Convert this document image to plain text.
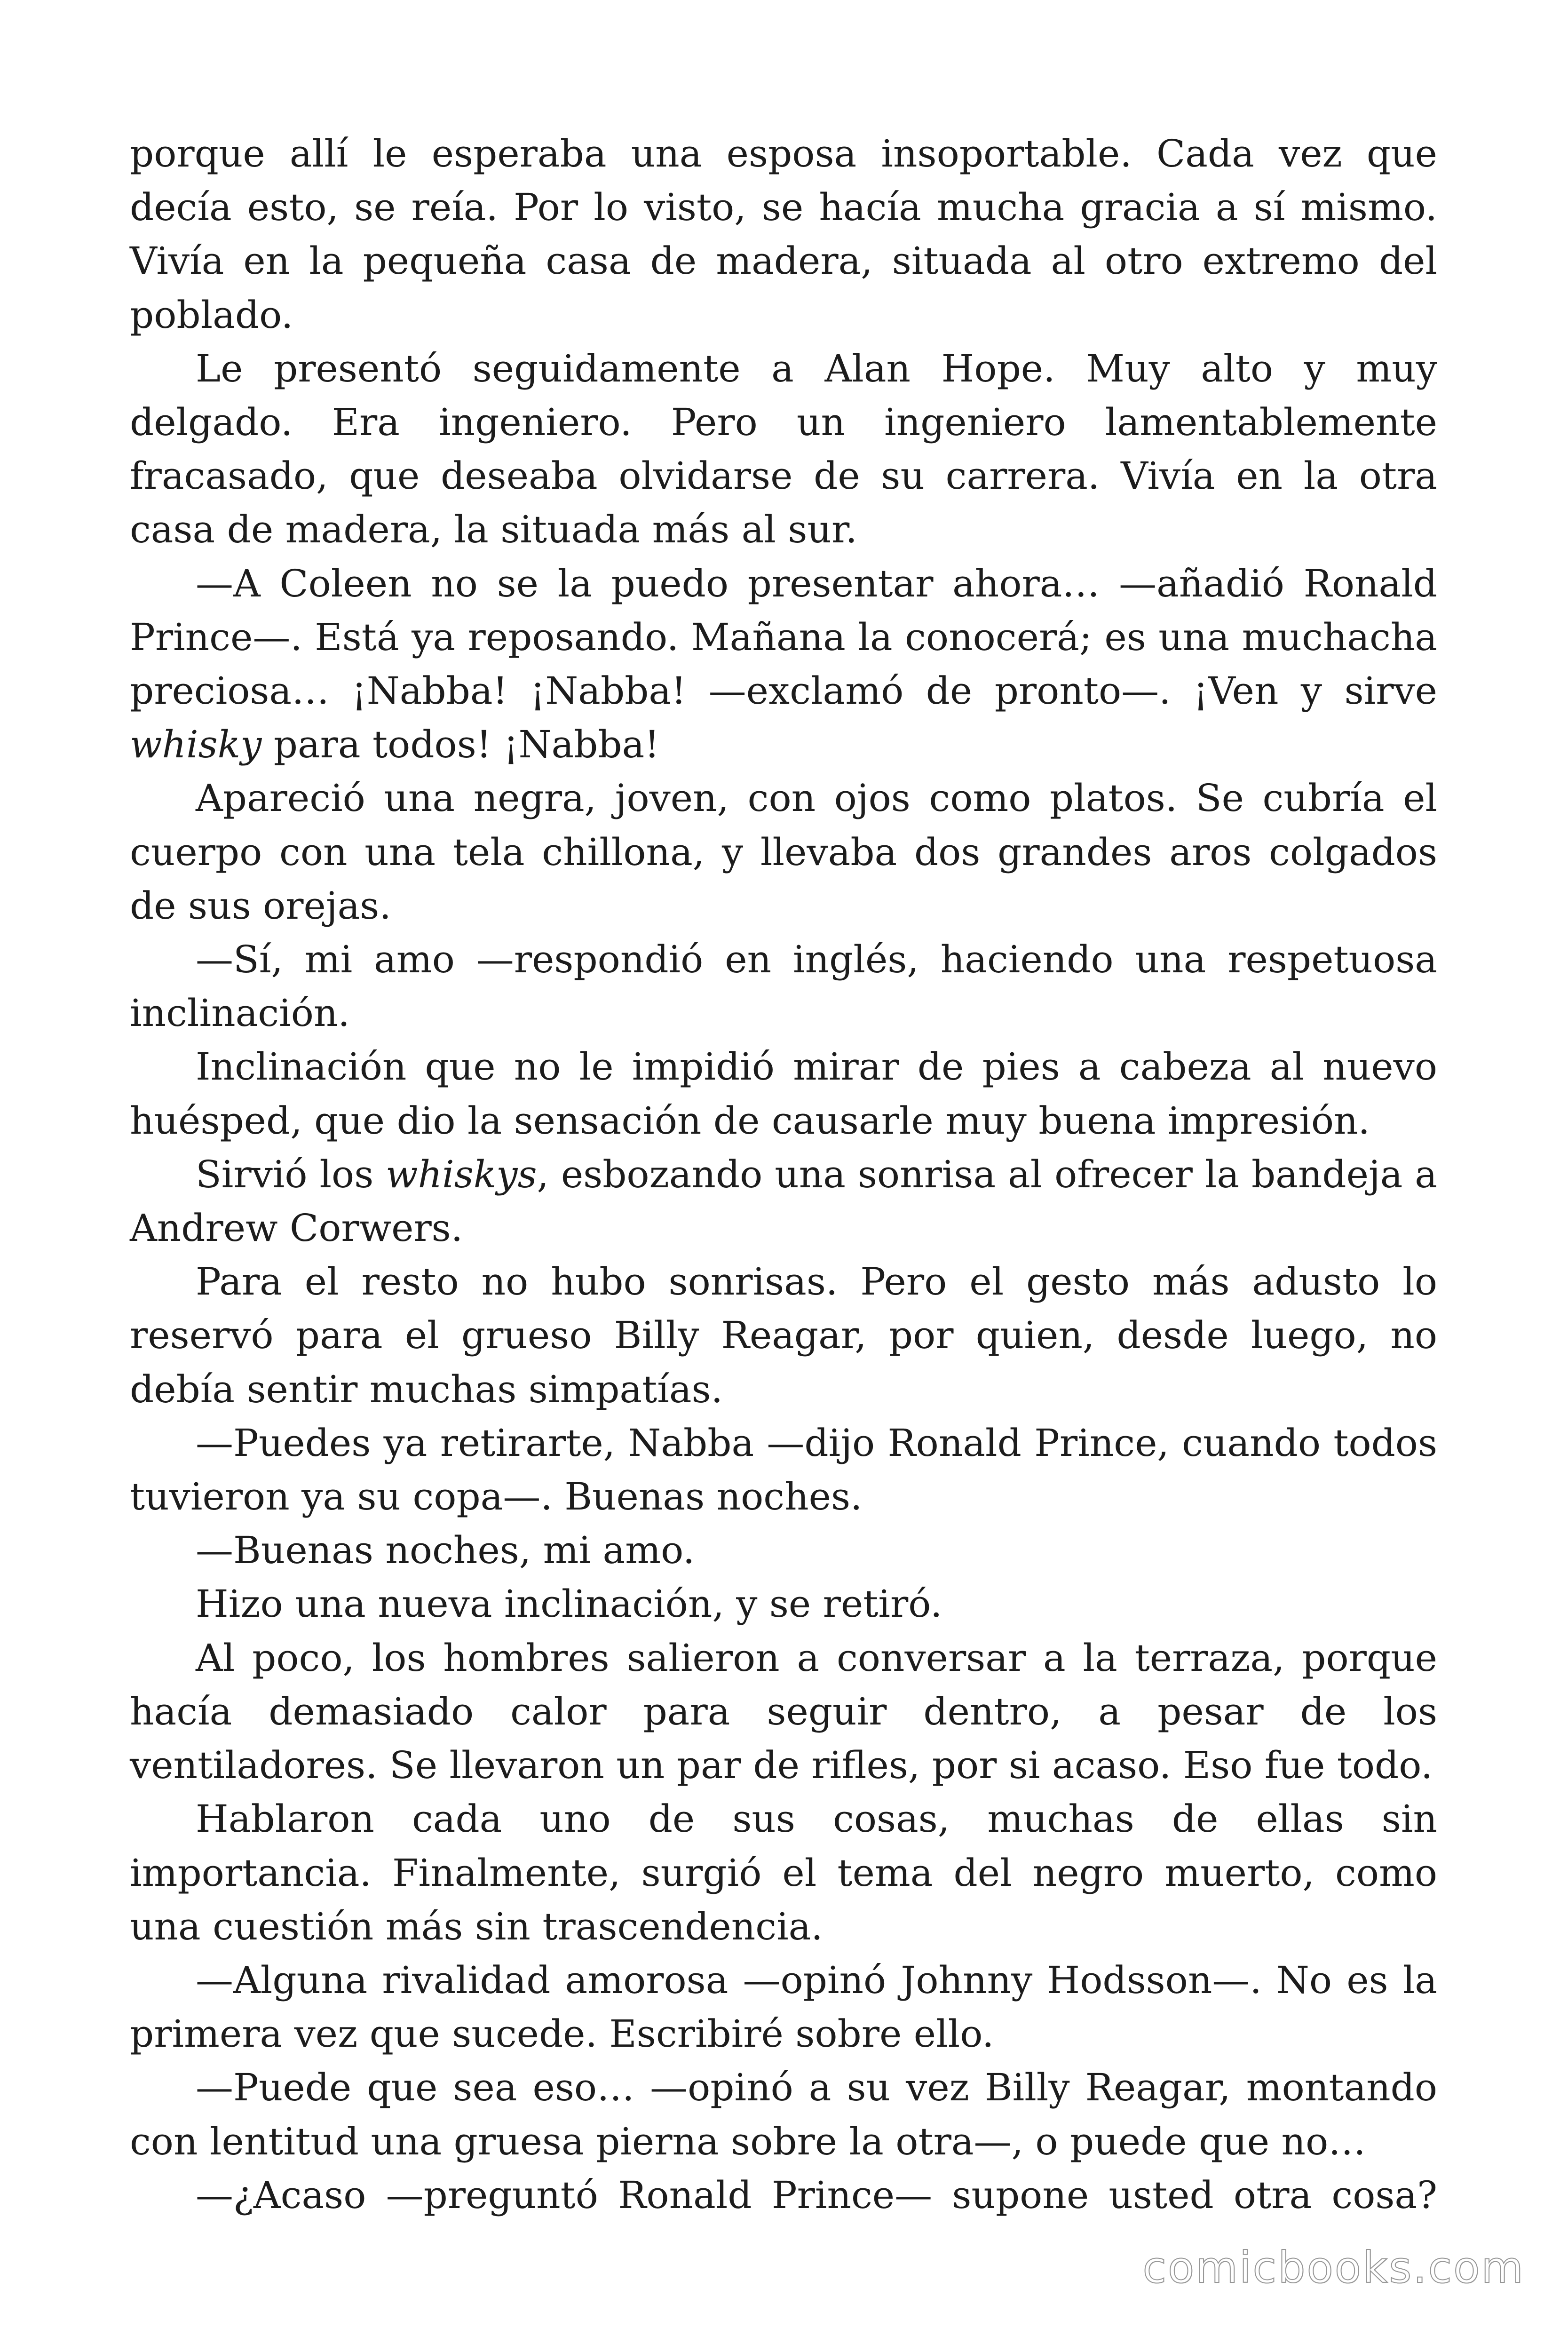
porque allí le esperaba una esposa insoportable. Cada vez que decía esto, se reía. Por lo visto, se hacía mucha gracia a sí mismo. Vivía en la pequeña casa de madera, situada al otro extremo del poblado.

Le presentó seguidamente a Alan Hope. Muy alto y muy delgado. Era ingeniero. Pero un ingeniero lamentablemente fracasado, que deseaba olvidarse de su carrera. Vivía en la otra casa de madera, la situada más al sur.

—A Coleen no se la puedo presentar ahora… —añadió Ronald Prince—. Está ya reposando. Mañana la conocerá; es una muchacha preciosa… ¡Nabba! ¡Nabba! —exclamó de pronto—. ¡Ven y sirve whisky para todos! ¡Nabba!

Apareció una negra, joven, con ojos como platos. Se cubría el cuerpo con una tela chillona, y llevaba dos grandes aros colgados de sus orejas.

—Sí, mi amo —respondió en inglés, haciendo una respetuosa inclinación.

Inclinación que no le impidió mirar de pies a cabeza al nuevo huésped, que dio la sensación de causarle muy buena impresión.

Sirvió los whiskys, esbozando una sonrisa al ofrecer la bandeja a Andrew Corwers.

Para el resto no hubo sonrisas. Pero el gesto más adusto lo reservó para el grueso Billy Reagar, por quien, desde luego, no debía sentir muchas simpatías.

—Puedes ya retirarte, Nabba —dijo Ronald Prince, cuando todos tuvieron ya su copa—. Buenas noches.

—Buenas noches, mi amo.

Hizo una nueva inclinación, y se retiró.

Al poco, los hombres salieron a conversar a la terraza, porque hacía demasiado calor para seguir dentro, a pesar de los ventiladores. Se llevaron un par de rifles, por si acaso. Eso fue todo.

Hablaron cada uno de sus cosas, muchas de ellas sin importancia. Finalmente, surgió el tema del negro muerto, como una cuestión más sin trascendencia.

—Alguna rivalidad amorosa —opinó Johnny Hodsson—. No es la primera vez que sucede. Escribiré sobre ello.

—Puede que sea eso… —opinó a su vez Billy Reagar, montando con lentitud una gruesa pierna sobre la otra—, o puede que no…

—¿Acaso —preguntó Ronald Prince— supone usted otra cosa?

comicbooks.com
